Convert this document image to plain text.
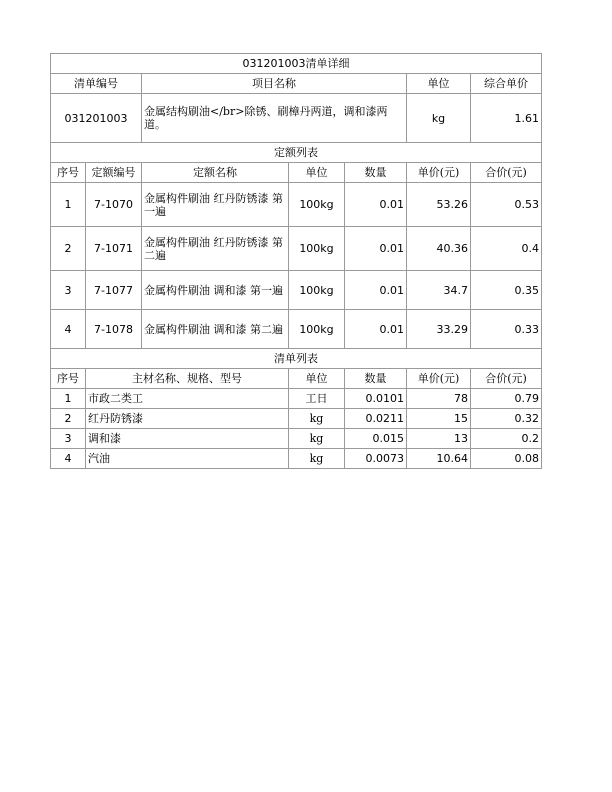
031201003清单详细						
清单编号		项目名称			单位	综合单价
031201003		金属结构刷油</br>除锈、刷樟丹两道，调和漆两道。			kg	1.61
定额列表						
序号	定额编号	定额名称	单位	数量	单价(元)	合价(元)
1	7-1070	金属构件刷油 红丹防锈漆 第一遍	100kg	0.01	53.26	0.53
2	7-1071	金属构件刷油 红丹防锈漆 第二遍	100kg	0.01	40.36	0.4
3	7-1077	金属构件刷油 调和漆 第一遍	100kg	0.01	34.7	0.35
4	7-1078	金属构件刷油 调和漆 第二遍	100kg	0.01	33.29	0.33
清单列表						
序号	主材名称、规格、型号		单位	数量	单价(元)	合价(元)
1	市政二类工		工日	0.0101	78	0.79
2	红丹防锈漆		kg	0.0211	15	0.32
3	调和漆		kg	0.015	13	0.2
4	汽油		kg	0.0073	10.64	0.08
